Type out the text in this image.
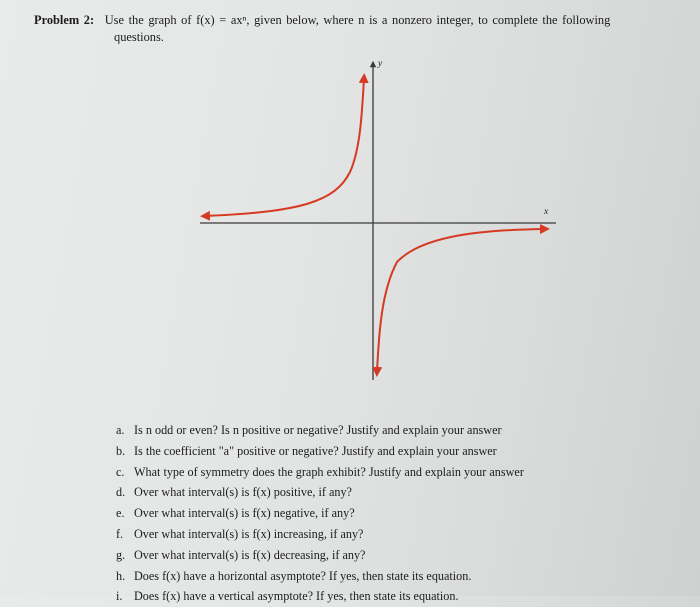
Problem 2: Use the graph of f(x) = axⁿ, given below, where n is a nonzero integer, to complete the following
questions.
y
x
a. Is n odd or even? Is n positive or negative? Justify and explain your answer
b. Is the coefficient "a" positive or negative? Justify and explain your answer
c. What type of symmetry does the graph exhibit? Justify and explain your answer
d. Over what interval(s) is f(x) positive, if any?
e. Over what interval(s) is f(x) negative, if any?
f. Over what interval(s) is f(x) increasing, if any?
g. Over what interval(s) is f(x) decreasing, if any?
h. Does f(x) have a horizontal asymptote? If yes, then state its equation.
i. Does f(x) have a vertical asymptote? If yes, then state its equation.
